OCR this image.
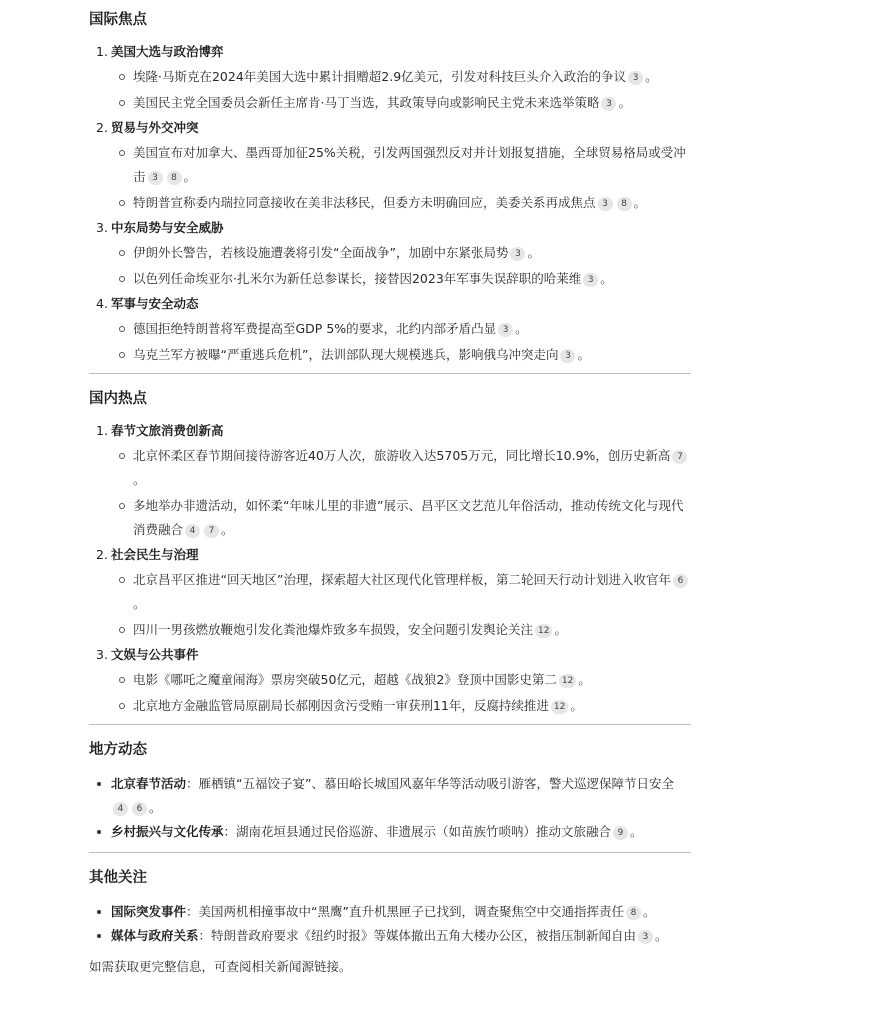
国际焦点
1. 美国大选与政治博弈
埃隆·马斯克在2024年美国大选中累计捐赠超2.9亿美元，引发对科技巨头介入政治的争议 3 。
美国民主党全国委员会新任主席肯·马丁当选，其政策导向或影响民主党未来选举策略 3 。
2. 贸易与外交冲突
美国宣布对加拿大、墨西哥加征25%关税，引发两国强烈反对并计划报复措施，全球贸易格局或受冲击 3 8 。
特朗普宣称委内瑞拉同意接收在美非法移民，但委方未明确回应，美委关系再成焦点 3 8 。
3. 中东局势与安全威胁
伊朗外长警告，若核设施遭袭将引发“全面战争”，加剧中东紧张局势 3 。
以色列任命埃亚尔·扎米尔为新任总参谋长，接替因2023年军事失误辞职的哈莱维 3 。
4. 军事与安全动态
德国拒绝特朗普将军费提高至GDP 5%的要求，北约内部矛盾凸显 3 。
乌克兰军方被曝“严重逃兵危机”，法训部队现大规模逃兵，影响俄乌冲突走向 3 。
国内热点
1. 春节文旅消费创新高
北京怀柔区春节期间接待游客近40万人次，旅游收入达5705万元，同比增长10.9%，创历史新高 7。
多地举办非遗活动，如怀柔“年味儿里的非遗”展示、昌平区文艺范儿年俗活动，推动传统文化与现代消费融合 4 7 。
2. 社会民生与治理
北京昌平区推进“回天地区”治理，探索超大社区现代化管理样板，第二轮回天行动计划进入收官年 6。
四川一男孩燃放鞭炮引发化粪池爆炸致多车损毁，安全问题引发舆论关注 12 。
3. 文娱与公共事件
电影《哪吒之魔童闹海》票房突破50亿元，超越《战狼2》登顶中国影史第二 12 。
北京地方金融监管局原副局长郝刚因贪污受贿一审获刑11年，反腐持续推进 12 。
地方动态
北京春节活动：雁栖镇“五福饺子宴”、慕田峪长城国风嘉年华等活动吸引游客，警犬巡逻保障节日安全4 6 。
乡村振兴与文化传承：湖南花垣县通过民俗巡游、非遗展示（如苗族竹唢呐）推动文旅融合 9 。
其他关注
国际突发事件：美国两机相撞事故中“黑鹰”直升机黑匣子已找到，调查聚焦空中交通指挥责任 8 。
媒体与政府关系：特朗普政府要求《纽约时报》等媒体撤出五角大楼办公区，被指压制新闻自由 3 。
如需获取更完整信息，可查阅相关新闻源链接。
